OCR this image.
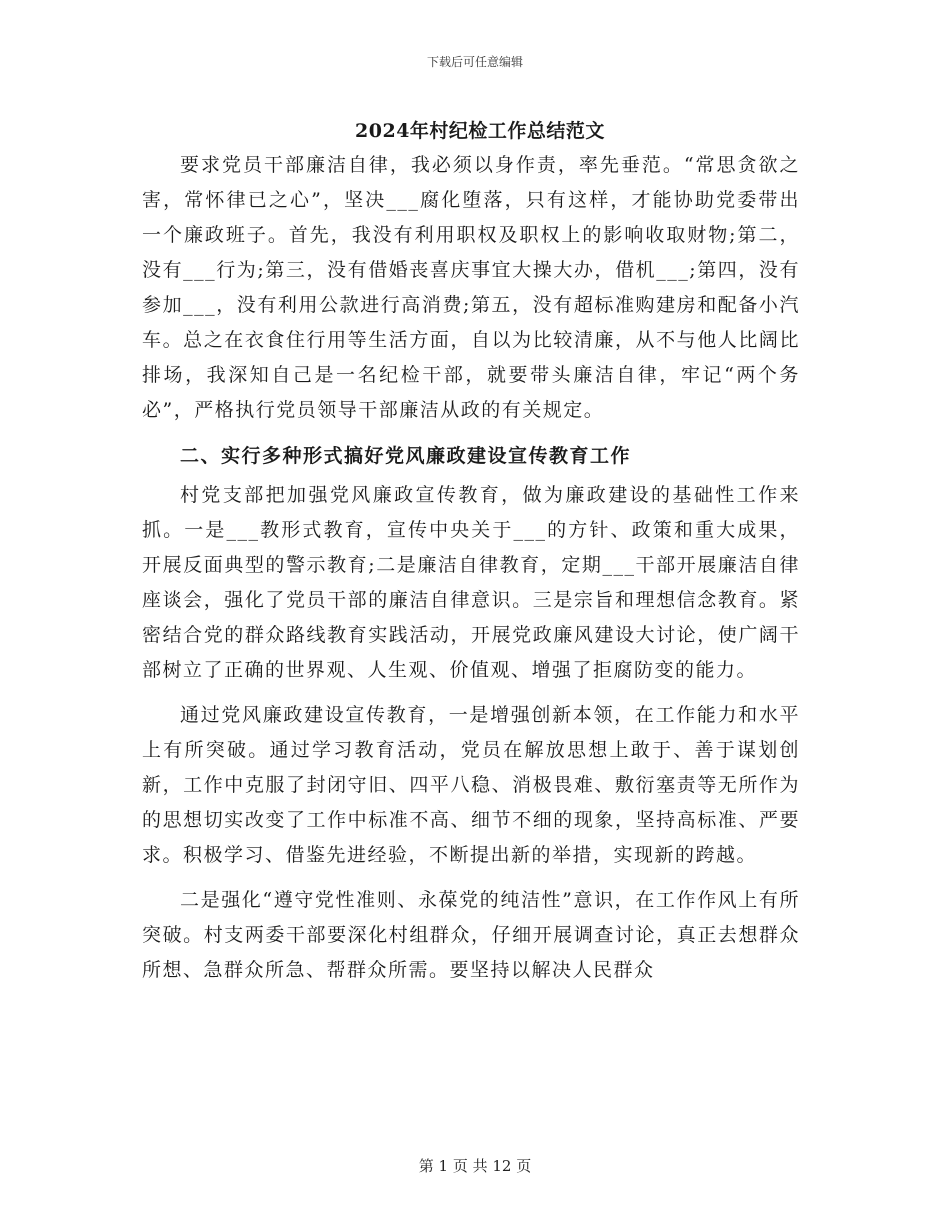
下载后可任意编辑
2024年村纪检工作总结范文

要求党员干部廉洁自律，我必须以身作责，率先垂范。“常思贪欲之害，常怀律已之心”，坚决___腐化堕落，只有这样，才能协助党委带出一个廉政班子。首先，我没有利用职权及职权上的影响收取财物;第二，没有___行为;第三，没有借婚丧喜庆事宜大操大办，借机___;第四，没有参加___，没有利用公款进行高消费;第五，没有超标准购建房和配备小汽车。总之在衣食住行用等生活方面，自以为比较清廉，从不与他人比阔比排场，我深知自己是一名纪检干部，就要带头廉洁自律，牢记“两个务必”，严格执行党员领导干部廉洁从政的有关规定。

二、实行多种形式搞好党风廉政建设宣传教育工作

村党支部把加强党风廉政宣传教育，做为廉政建设的基础性工作来抓。一是___教形式教育，宣传中央关于___的方针、政策和重大成果，开展反面典型的警示教育;二是廉洁自律教育，定期___干部开展廉洁自律座谈会，强化了党员干部的廉洁自律意识。三是宗旨和理想信念教育。紧密结合党的群众路线教育实践活动，开展党政廉风建设大讨论，使广阔干部树立了正确的世界观、人生观、价值观、增强了拒腐防变的能力。

通过党风廉政建设宣传教育，一是增强创新本领，在工作能力和水平上有所突破。通过学习教育活动，党员在解放思想上敢于、善于谋划创新，工作中克服了封闭守旧、四平八稳、消极畏难、敷衍塞责等无所作为的思想切实改变了工作中标准不高、细节不细的现象，坚持高标准、严要求。积极学习、借鉴先进经验，不断提出新的举措，实现新的跨越。

二是强化“遵守党性准则、永葆党的纯洁性”意识，在工作作风上有所突破。村支两委干部要深化村组群众，仔细开展调查讨论，真正去想群众所想、急群众所急、帮群众所需。要坚持以解决人民群众

第 1 页 共 12 页
